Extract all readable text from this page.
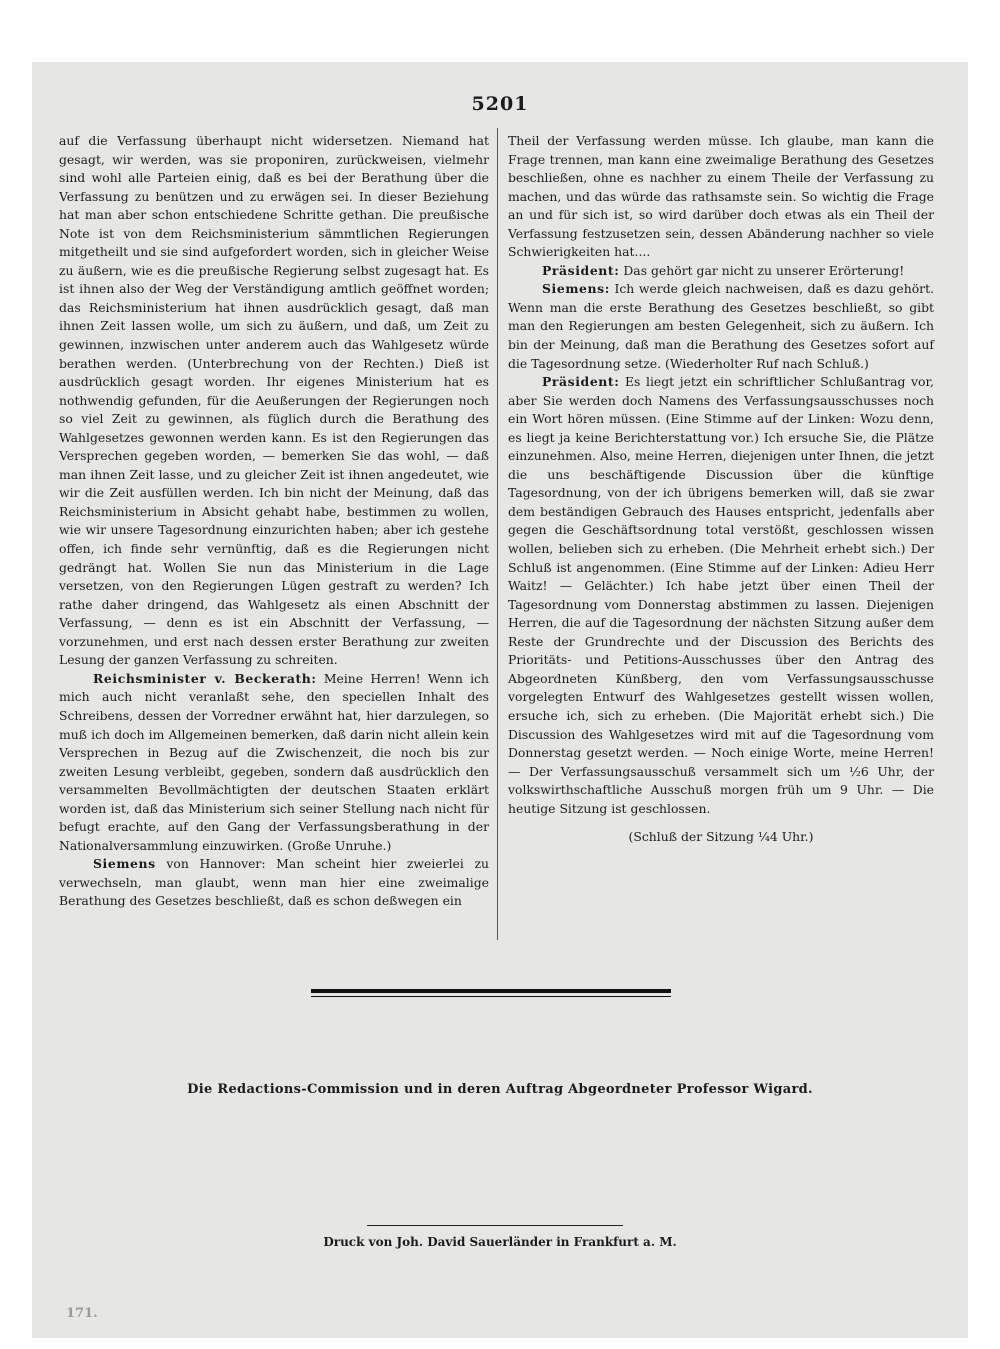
5201

auf die Verfassung überhaupt nicht widersetzen. Niemand hat gesagt, wir werden, was sie proponiren, zurückweisen, vielmehr sind wohl alle Parteien einig, daß es bei der Berathung über die Verfassung zu benützen und zu erwägen sei. In dieser Beziehung hat man aber schon entschiedene Schritte gethan. Die preußische Note ist von dem Reichsministerium sämmtlichen Regierungen mitgetheilt und sie sind aufgefordert worden, sich in gleicher Weise zu äußern, wie es die preußische Regierung selbst zugesagt hat. Es ist ihnen also der Weg der Verständigung amtlich geöffnet worden; das Reichsministerium hat ihnen ausdrücklich gesagt, daß man ihnen Zeit lassen wolle, um sich zu äußern, und daß, um Zeit zu gewinnen, inzwischen unter anderem auch das Wahlgesetz würde berathen werden. (Unterbrechung von der Rechten.) Dieß ist ausdrücklich gesagt worden. Ihr eigenes Ministerium hat es nothwendig gefunden, für die Aeußerungen der Regierungen noch so viel Zeit zu gewinnen, als füglich durch die Berathung des Wahlgesetzes gewonnen werden kann. Es ist den Regierungen das Versprechen gegeben worden, — bemerken Sie das wohl, — daß man ihnen Zeit lasse, und zu gleicher Zeit ist ihnen angedeutet, wie wir die Zeit ausfüllen werden. Ich bin nicht der Meinung, daß das Reichsministerium in Absicht gehabt habe, bestimmen zu wollen, wie wir unsere Tagesordnung einzurichten haben; aber ich gestehe offen, ich finde sehr vernünftig, daß es die Regierungen nicht gedrängt hat. Wollen Sie nun das Ministerium in die Lage versetzen, von den Regierungen Lügen gestraft zu werden? Ich rathe daher dringend, das Wahlgesetz als einen Abschnitt der Verfassung, — denn es ist ein Abschnitt der Verfassung, — vorzunehmen, und erst nach dessen erster Berathung zur zweiten Lesung der ganzen Verfassung zu schreiten.

Reichsminister v. Beckerath: Meine Herren! Wenn ich mich auch nicht veranlaßt sehe, den speciellen Inhalt des Schreibens, dessen der Vorredner erwähnt hat, hier darzulegen, so muß ich doch im Allgemeinen bemerken, daß darin nicht allein kein Versprechen in Bezug auf die Zwischenzeit, die noch bis zur zweiten Lesung verbleibt, gegeben, sondern daß ausdrücklich den versammelten Bevollmächtigten der deutschen Staaten erklärt worden ist, daß das Ministerium sich seiner Stellung nach nicht für befugt erachte, auf den Gang der Verfassungsberathung in der Nationalversammlung einzuwirken. (Große Unruhe.)

Siemens von Hannover: Man scheint hier zweierlei zu verwechseln, man glaubt, wenn man hier eine zweimalige Berathung des Gesetzes beschließt, daß es schon deßwegen ein

Theil der Verfassung werden müsse. Ich glaube, man kann die Frage trennen, man kann eine zweimalige Berathung des Gesetzes beschließen, ohne es nachher zu einem Theile der Verfassung zu machen, und das würde das rathsamste sein. So wichtig die Frage an und für sich ist, so wird darüber doch etwas als ein Theil der Verfassung festzusetzen sein, dessen Abänderung nachher so viele Schwierigkeiten hat....

Präsident: Das gehört gar nicht zu unserer Erörterung!

Siemens: Ich werde gleich nachweisen, daß es dazu gehört. Wenn man die erste Berathung des Gesetzes beschließt, so gibt man den Regierungen am besten Gelegenheit, sich zu äußern. Ich bin der Meinung, daß man die Berathung des Gesetzes sofort auf die Tagesordnung setze. (Wiederholter Ruf nach Schluß.)

Präsident: Es liegt jetzt ein schriftlicher Schlußantrag vor, aber Sie werden doch Namens des Verfassungsausschusses noch ein Wort hören müssen. (Eine Stimme auf der Linken: Wozu denn, es liegt ja keine Berichterstattung vor.) Ich ersuche Sie, die Plätze einzunehmen. Also, meine Herren, diejenigen unter Ihnen, die jetzt die uns beschäftigende Discussion über die künftige Tagesordnung, von der ich übrigens bemerken will, daß sie zwar dem beständigen Gebrauch des Hauses entspricht, jedenfalls aber gegen die Geschäftsordnung total verstößt, geschlossen wissen wollen, belieben sich zu erheben. (Die Mehrheit erhebt sich.) Der Schluß ist angenommen. (Eine Stimme auf der Linken: Adieu Herr Waitz! — Gelächter.) Ich habe jetzt über einen Theil der Tagesordnung vom Donnerstag abstimmen zu lassen. Diejenigen Herren, die auf die Tagesordnung der nächsten Sitzung außer dem Reste der Grundrechte und der Discussion des Berichts des Prioritäts- und Petitions-Ausschusses über den Antrag des Abgeordneten Künßberg, den vom Verfassungsausschusse vorgelegten Entwurf des Wahlgesetzes gestellt wissen wollen, ersuche ich, sich zu erheben. (Die Majorität erhebt sich.) Die Discussion des Wahlgesetzes wird mit auf die Tagesordnung vom Donnerstag gesetzt werden. — Noch einige Worte, meine Herren! — Der Verfassungsausschuß versammelt sich um ½6 Uhr, der volkswirthschaftliche Ausschuß morgen früh um 9 Uhr. — Die heutige Sitzung ist geschlossen.

(Schluß der Sitzung ¼4 Uhr.)

Die Redactions-Commission und in deren Auftrag Abgeordneter Professor Wigard.
Druck von Joh. David Sauerländer in Frankfurt a. M.
171.
